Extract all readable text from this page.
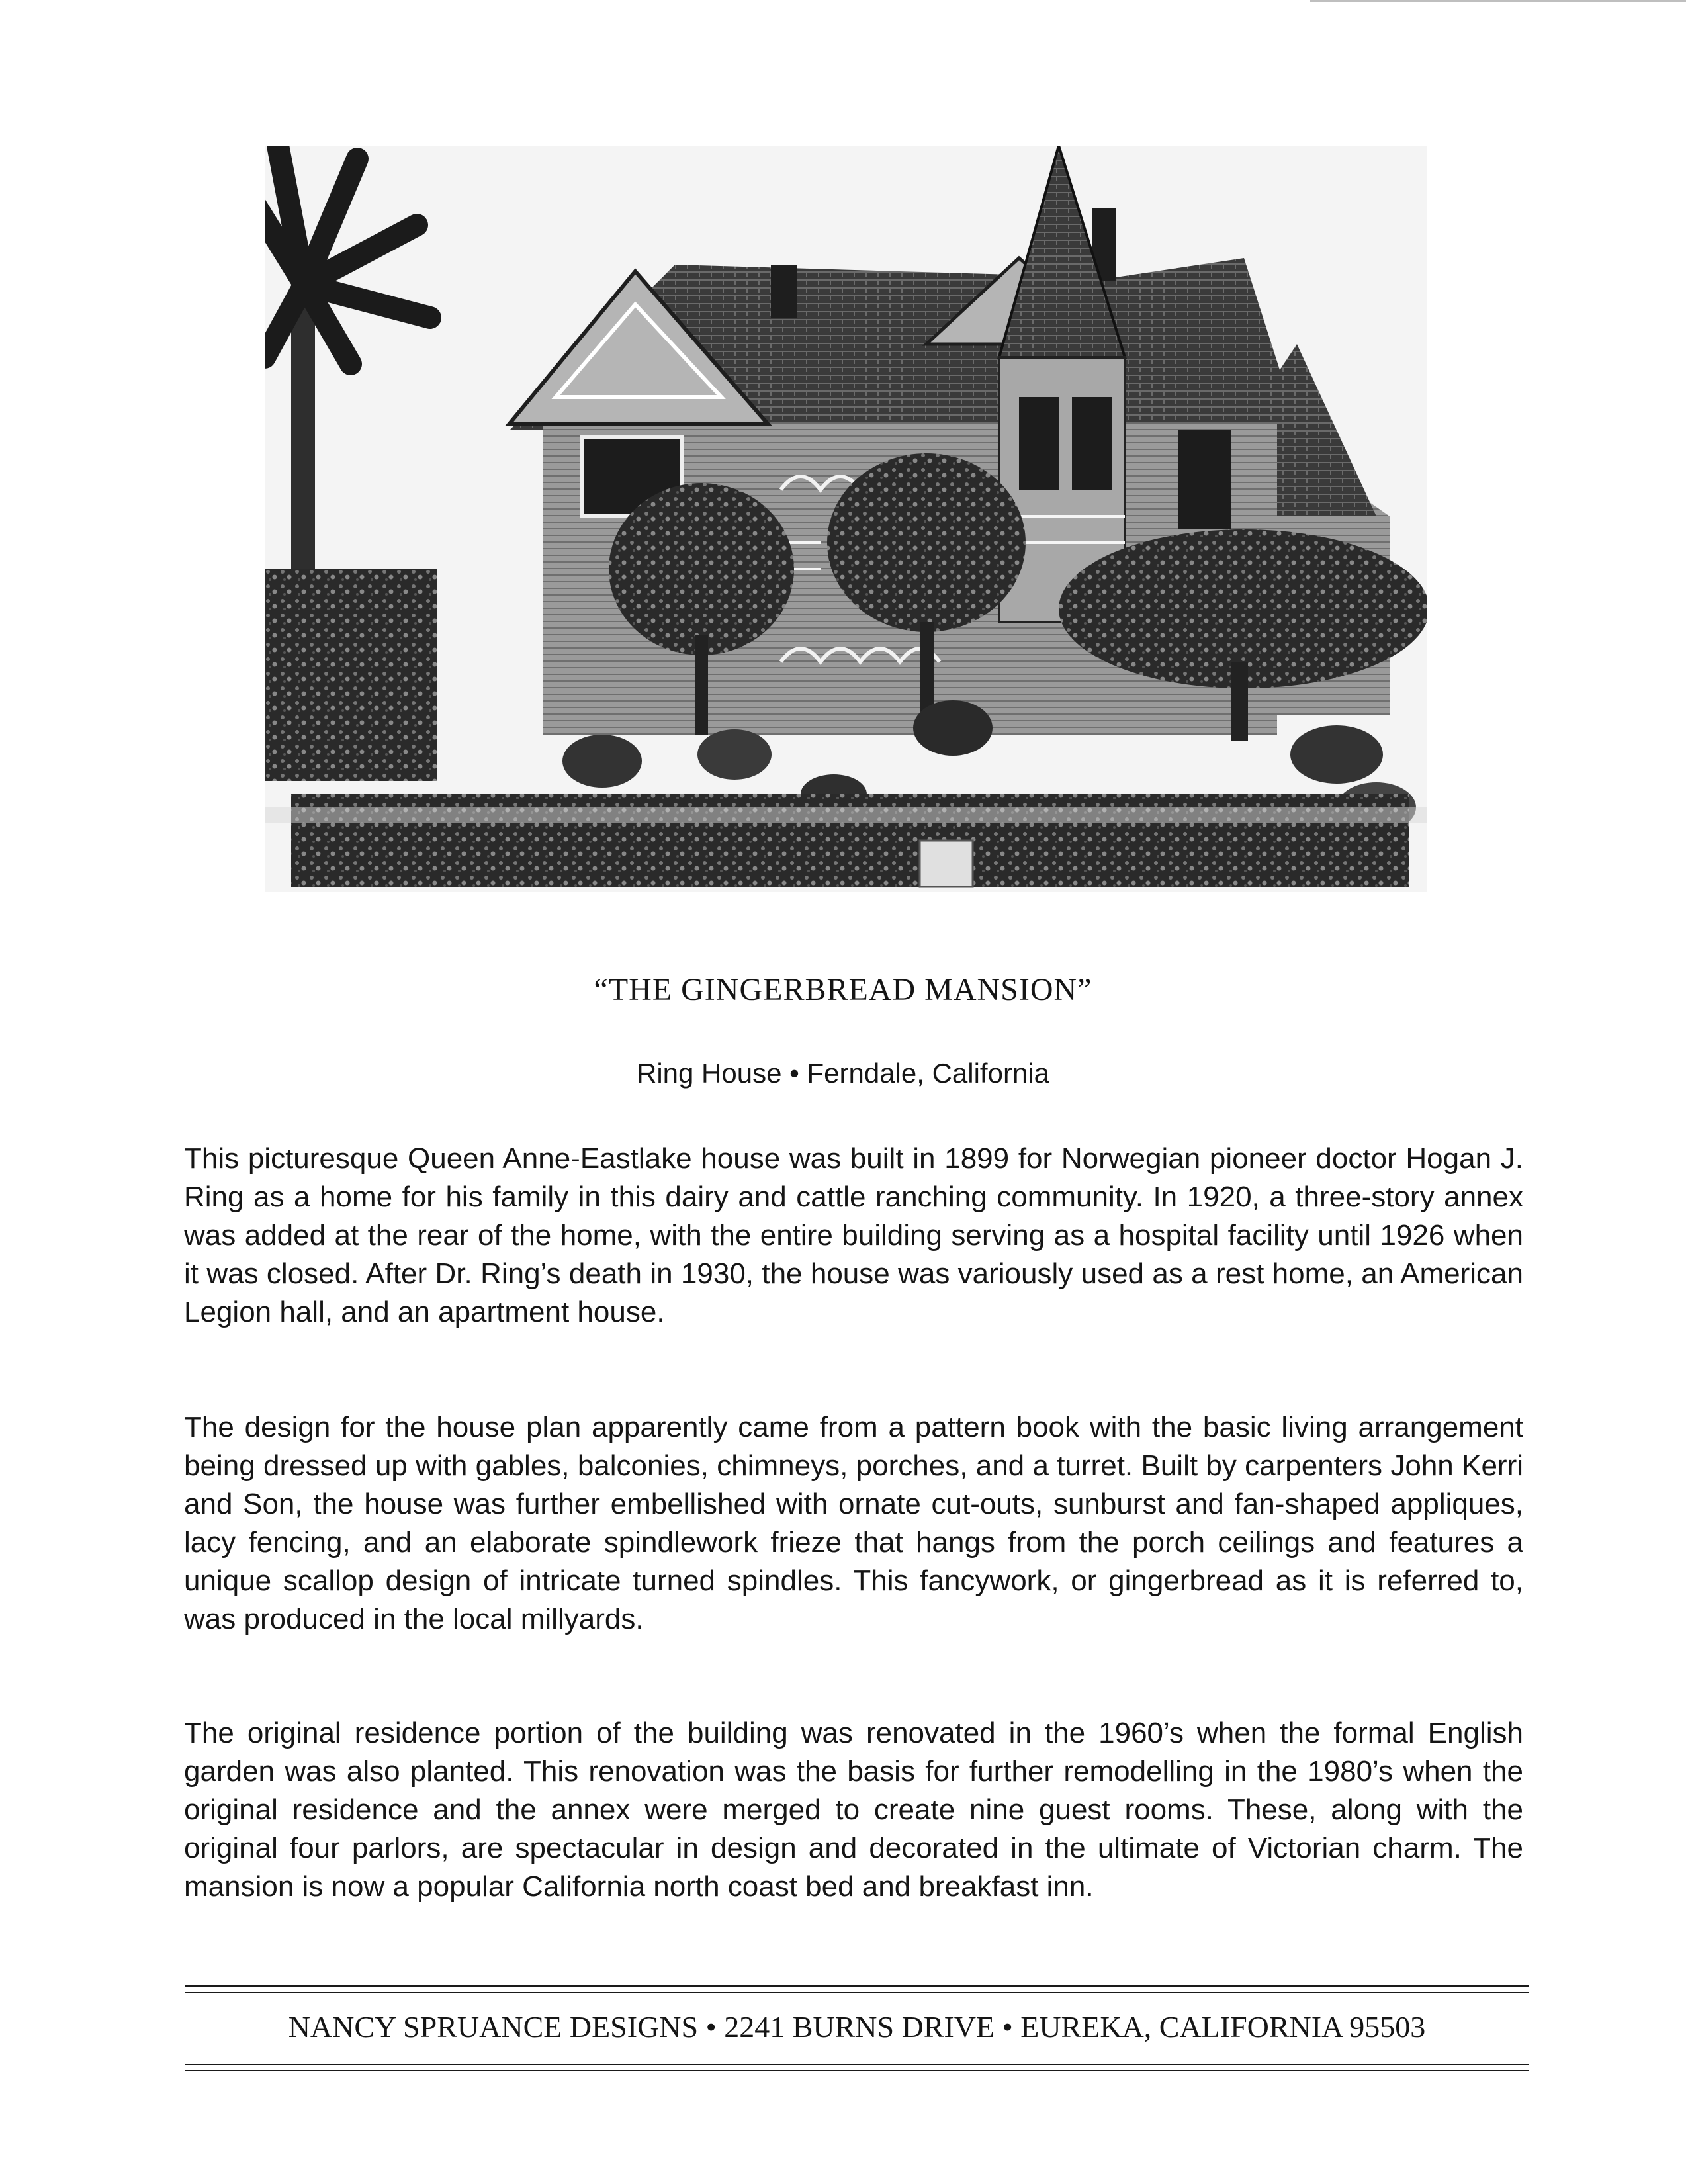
“THE GINGERBREAD MANSION”
Ring House • Ferndale, California

This picturesque Queen Anne-Eastlake house was built in 1899 for Norwegian pioneer doctor Hogan J. Ring as a home for his family in this dairy and cattle ranching community. In 1920, a three-story annex was added at the rear of the home, with the entire building serving as a hospital facility until 1926 when it was closed. After Dr. Ring’s death in 1930, the house was variously used as a rest home, an American Legion hall, and an apartment house.

The design for the house plan apparently came from a pattern book with the basic living arrangement being dressed up with gables, balconies, chimneys, porches, and a turret. Built by carpenters John Kerri and Son, the house was further embellished with ornate cut-outs, sunburst and fan-shaped appliques, lacy fencing, and an elaborate spindlework frieze that hangs from the porch ceilings and features a unique scallop design of intricate turned spindles. This fancywork, or gingerbread as it is referred to, was produced in the local millyards.

The original residence portion of the building was renovated in the 1960’s when the formal English garden was also planted. This renovation was the basis for further remodelling in the 1980’s when the original residence and the annex were merged to create nine guest rooms. These, along with the original four parlors, are spectacular in design and decorated in the ultimate of Victorian charm. The mansion is now a popular California north coast bed and breakfast inn.

NANCY SPRUANCE DESIGNS • 2241 BURNS DRIVE • EUREKA, CALIFORNIA 95503
